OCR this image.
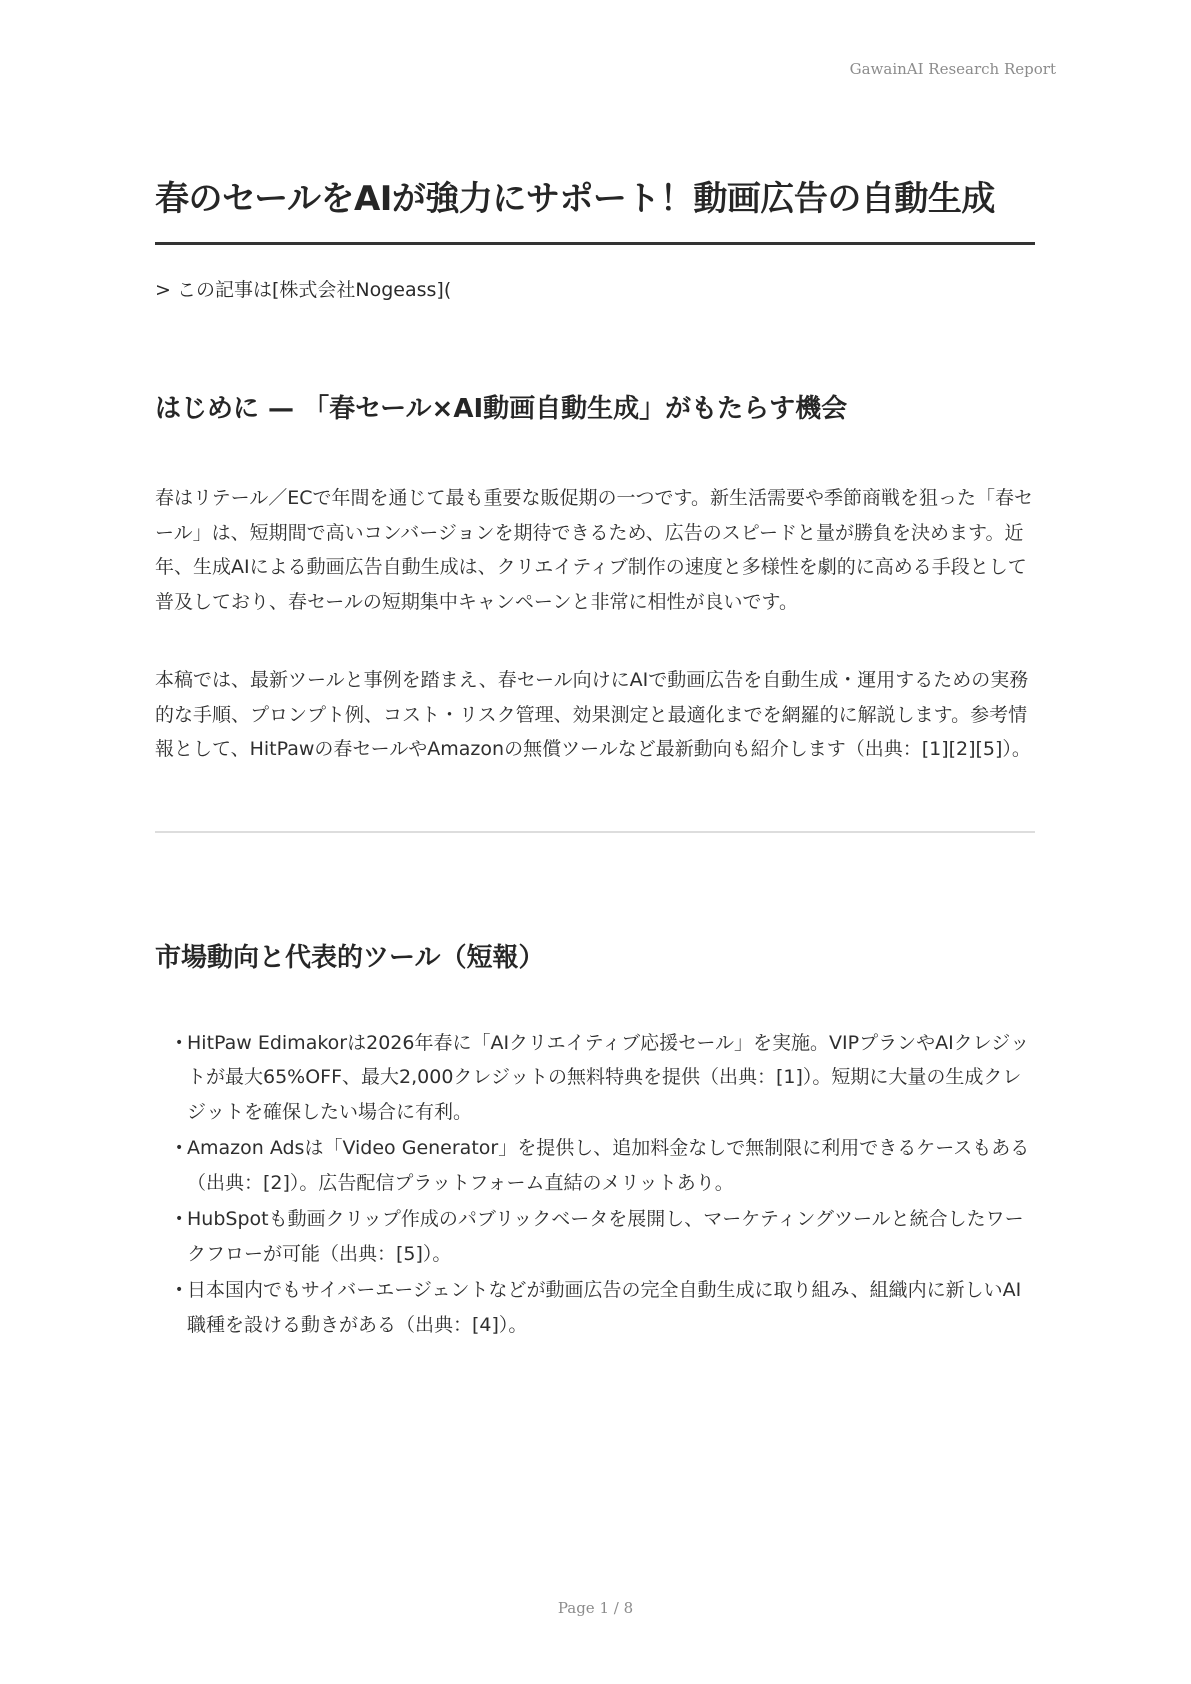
GawainAI Research Report
春のセールをAIが強力にサポート！動画広告の自動生成
> この記事は[株式会社Nogeass](
はじめに — 「春セール×AI動画自動生成」がもたらす機会

春はリテール／ECで年間を通じて最も重要な販促期の一つです。新生活需要や季節商戦を狙った「春セール」は、短期間で高いコンバージョンを期待できるため、広告のスピードと量が勝負を決めます。近年、生成AIによる動画広告自動生成は、クリエイティブ制作の速度と多様性を劇的に高める手段として普及しており、春セールの短期集中キャンペーンと非常に相性が良いです。

本稿では、最新ツールと事例を踏まえ、春セール向けにAIで動画広告を自動生成・運用するための実務的な手順、プロンプト例、コスト・リスク管理、効果測定と最適化までを網羅的に解説します。参考情報として、HitPawの春セールやAmazonの無償ツールなど最新動向も紹介します（出典：[1][2][5]）。

市場動向と代表的ツール（短報）
• HitPaw Edimakorは2026年春に「AIクリエイティブ応援セール」を実施。VIPプランやAIクレジットが最大65%OFF、最大2,000クレジットの無料特典を提供（出典：[1]）。短期に大量の生成クレジットを確保したい場合に有利。
• Amazon Adsは「Video Generator」を提供し、追加料金なしで無制限に利用できるケースもある（出典：[2]）。広告配信プラットフォーム直結のメリットあり。
• HubSpotも動画クリップ作成のパブリックベータを展開し、マーケティングツールと統合したワークフローが可能（出典：[5]）。
• 日本国内でもサイバーエージェントなどが動画広告の完全自動生成に取り組み、組織内に新しいAI職種を設ける動きがある（出典：[4]）。
Page 1 / 8
